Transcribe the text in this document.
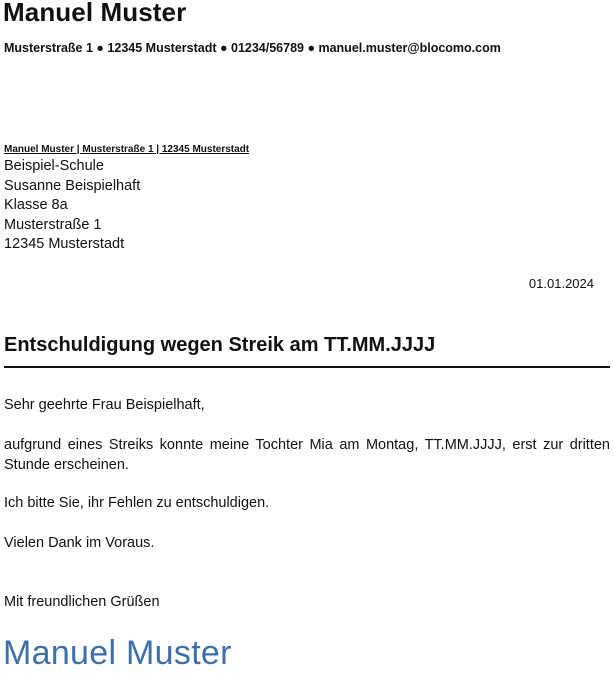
Manuel Muster
Musterstraße 1 ● 12345 Musterstadt ● 01234/56789 ● manuel.muster@blocomo.com
Manuel Muster | Musterstraße 1 | 12345 Musterstadt
Beispiel-Schule
Susanne Beispielhaft
Klasse 8a
Musterstraße 1
12345 Musterstadt
01.01.2024
Entschuldigung wegen Streik am TT.MM.JJJJ
Sehr geehrte Frau Beispielhaft,
aufgrund eines Streiks konnte meine Tochter Mia am Montag, TT.MM.JJJJ, erst zur dritten Stunde erscheinen.
Ich bitte Sie, ihr Fehlen zu entschuldigen.
Vielen Dank im Voraus.
Mit freundlichen Grüßen
Manuel Muster
